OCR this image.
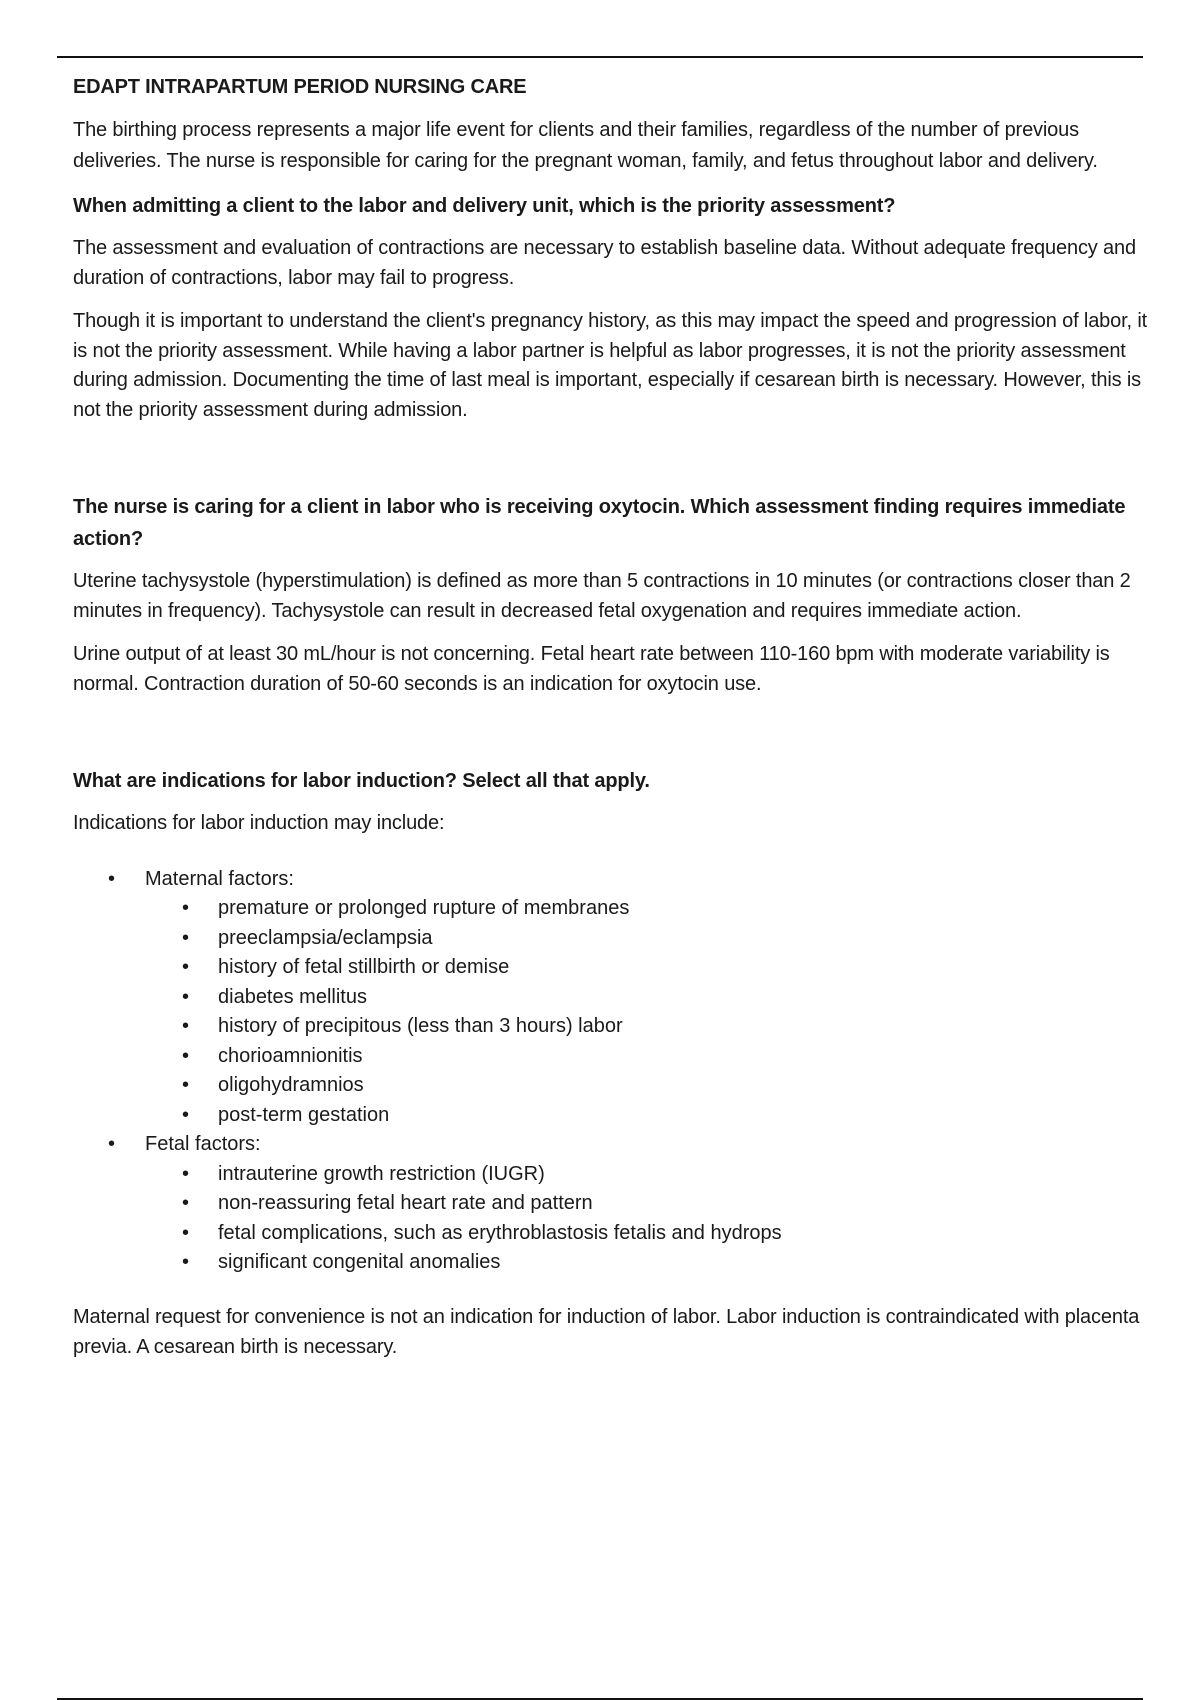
EDAPT INTRAPARTUM PERIOD NURSING CARE

The birthing process represents a major life event for clients and their families, regardless of the number of previous deliveries. The nurse is responsible for caring for the pregnant woman, family, and fetus throughout labor and delivery.

When admitting a client to the labor and delivery unit, which is the priority assessment?

The assessment and evaluation of contractions are necessary to establish baseline data. Without adequate frequency and duration of contractions, labor may fail to progress.

Though it is important to understand the client's pregnancy history, as this may impact the speed and progression of labor, it is not the priority assessment. While having a labor partner is helpful as labor progresses, it is not the priority assessment during admission. Documenting the time of last meal is important, especially if cesarean birth is necessary. However, this is not the priority assessment during admission.

The nurse is caring for a client in labor who is receiving oxytocin. Which assessment finding requires immediate action?

Uterine tachysystole (hyperstimulation) is defined as more than 5 contractions in 10 minutes (or contractions closer than 2 minutes in frequency). Tachysystole can result in decreased fetal oxygenation and requires immediate action.

Urine output of at least 30 mL/hour is not concerning. Fetal heart rate between 110-160 bpm with moderate variability is normal. Contraction duration of 50-60 seconds is an indication for oxytocin use.

What are indications for labor induction? Select all that apply.

Indications for labor induction may include:

• Maternal factors:
• premature or prolonged rupture of membranes
• preeclampsia/eclampsia
• history of fetal stillbirth or demise
• diabetes mellitus
• history of precipitous (less than 3 hours) labor
• chorioamnionitis
• oligohydramnios
• post-term gestation
• Fetal factors:
• intrauterine growth restriction (IUGR)
• non-reassuring fetal heart rate and pattern
• fetal complications, such as erythroblastosis fetalis and hydrops
• significant congenital anomalies

Maternal request for convenience is not an indication for induction of labor. Labor induction is contraindicated with placenta previa. A cesarean birth is necessary.
